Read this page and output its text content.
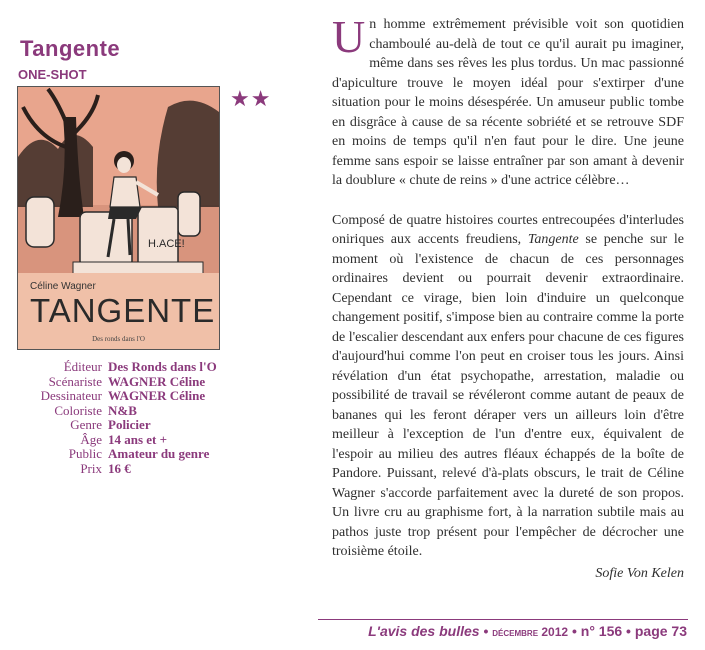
Tangente
ONE-SHOT
H.ACE!
Céline Wagner
TANGENTE
Des ronds dans l'O
★★
Éditeur Des Ronds dans l'O
Scénariste WAGNER Céline
Dessinateur WAGNER Céline
Coloriste N&B
Genre Policier
Âge 14 ans et +
Public Amateur du genre
Prix 16 €

Un homme extrêmement prévisible voit son quotidien chamboulé au-delà de tout ce qu'il aurait pu imaginer, même dans ses rêves les plus tordus. Un mac passionné d'apiculture trouve le moyen idéal pour s'extirper d'une situation pour le moins désespérée. Un amuseur public tombe en disgrâce à cause de sa récente sobriété et se retrouve SDF en moins de temps qu'il n'en faut pour le dire. Une jeune femme sans espoir se laisse entraîner par son amant à devenir la doublure « chute de reins » d'une actrice célèbre…

Composé de quatre histoires courtes entrecoupées d'interludes oniriques aux accents freudiens, Tangente se penche sur le moment où l'existence de chacun de ces personnages ordinaires devient ou pourrait devenir extraordinaire. Cependant ce virage, bien loin d'induire un quelconque changement positif, s'impose bien au contraire comme la porte de l'escalier descendant aux enfers pour chacune de ces figures d'aujourd'hui comme l'on peut en croiser tous les jours. Ainsi révélation d'un état psychopathe, arrestation, maladie ou possibilité de travail se révéleront comme autant de peaux de bananes qui les feront déraper vers un ailleurs loin d'être meilleur à l'exception de l'un d'entre eux, équivalent de l'espoir au milieu des autres fléaux échappés de la boîte de Pandore. Puissant, relevé d'à-plats obscurs, le trait de Céline Wagner s'accorde parfaitement avec la dureté de son propos. Un livre cru au graphisme fort, à la narration subtile mais au pathos juste trop présent pour l'empêcher de décrocher une troisième étoile.

Sofie Von Kelen

L'avis des bulles • décembre 2012 • n° 156 • page 73
